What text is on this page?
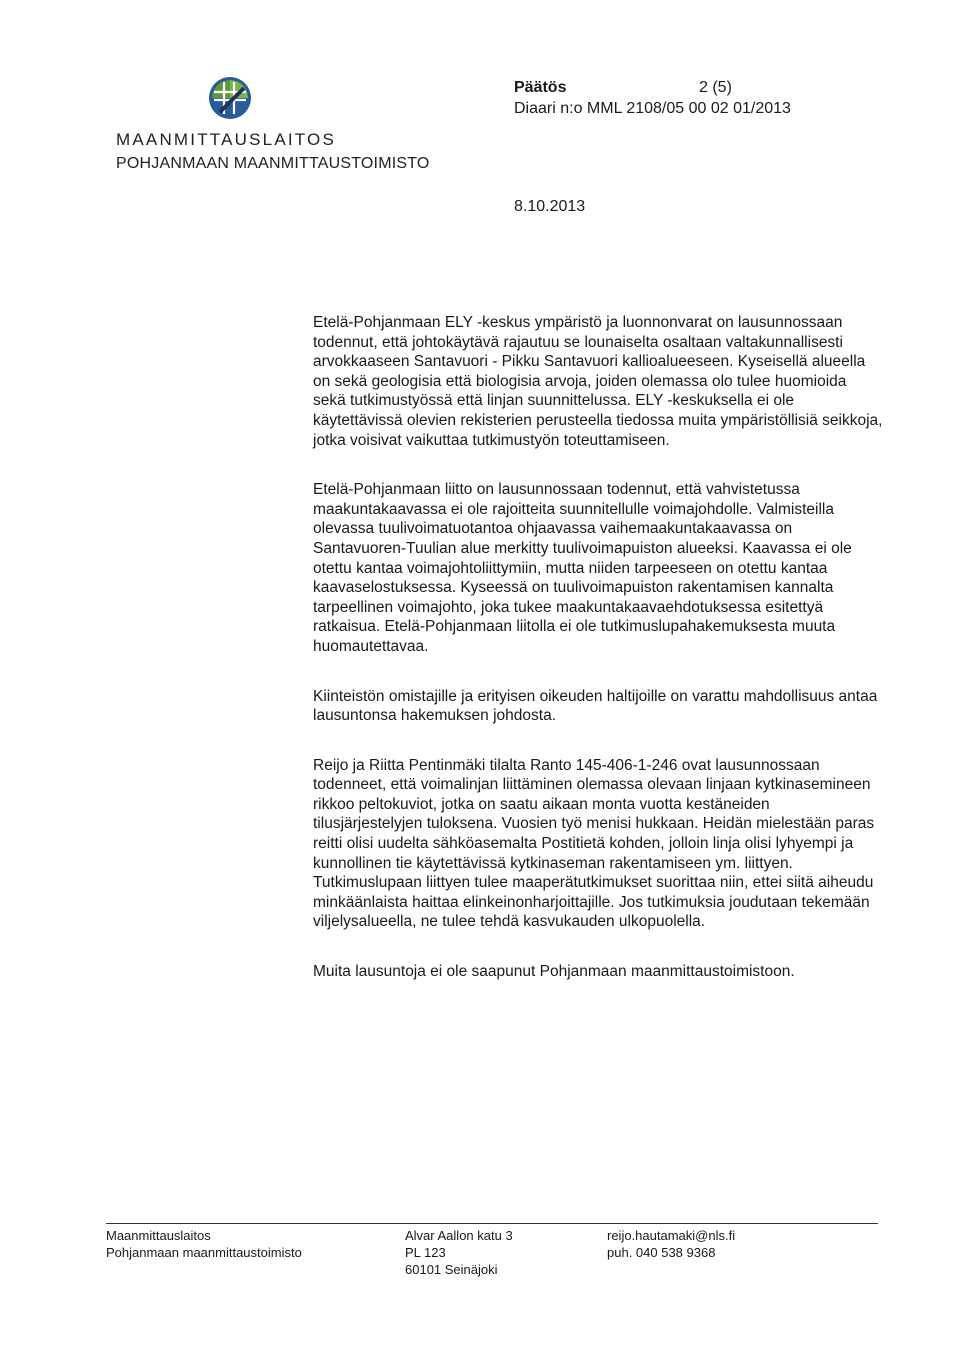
MAANMITTAUSLAITOS
POHJANMAAN MAANMITTAUSTOIMISTO
Päätös	2 (5)
Diaari n:o MML 2108/05 00 02 01/2013
8.10.2013

Etelä-Pohjanmaan ELY -keskus ympäristö ja luonnonvarat on lausunnossaan todennut, että johtokäytävä rajautuu se lounaiselta osaltaan valtakunnallisesti arvokkaaseen Santavuori - Pikku Santavuori kallioalueeseen. Kyseisellä alueella on sekä geologisia että biologisia arvoja, joiden olemassa olo tulee huomioida sekä tutkimustyössä että linjan suunnittelussa. ELY -keskuksella ei ole käytettävissä olevien rekisterien perusteella tiedossa muita ympäristöllisiä seikkoja, jotka voisivat vaikuttaa tutkimustyön toteuttamiseen.

Etelä-Pohjanmaan liitto on lausunnossaan todennut, että vahvistetussa maakuntakaavassa ei ole rajoitteita suunnitellulle voimajohdolle. Valmisteilla olevassa tuulivoimatuotantoa ohjaavassa vaihemaakuntakaavassa on Santavuoren-Tuulian alue merkitty tuulivoimapuiston alueeksi. Kaavassa ei ole otettu kantaa voimajohtoliittymiin, mutta niiden tarpeeseen on otettu kantaa kaavaselostuksessa. Kyseessä on tuulivoimapuiston rakentamisen kannalta tarpeellinen voimajohto, joka tukee maakuntakaavaehdotuksessa esitettyä ratkaisua. Etelä-Pohjanmaan liitolla ei ole tutkimuslupahakemuksesta muuta huomautettavaa.

Kiinteistön omistajille ja erityisen oikeuden haltijoille on varattu mahdollisuus antaa lausuntonsa hakemuksen johdosta.

Reijo ja Riitta Pentinmäki tilalta Ranto 145-406-1-246 ovat lausunnossaan todenneet, että voimalinjan liittäminen olemassa olevaan linjaan kytkinasemineen rikkoo peltokuviot, jotka on saatu aikaan monta vuotta kestäneiden tilusjärjestelyjen tuloksena. Vuosien työ menisi hukkaan. Heidän mielestään paras reitti olisi uudelta sähköasemalta Postitietä kohden, jolloin linja olisi lyhyempi ja kunnollinen tie käytettävissä kytkinaseman rakentamiseen ym. liittyen. Tutkimuslupaan liittyen tulee maaperätutkimukset suorittaa niin, ettei siitä aiheudu minkäänlaista haittaa elinkeinonharjoittajille. Jos tutkimuksia joudutaan tekemään viljelysalueella, ne tulee tehdä kasvukauden ulkopuolella.

Muita lausuntoja ei ole saapunut Pohjanmaan maanmittaustoimistoon.

Maanmittauslaitos
Pohjanmaan maanmittaustoimisto
Alvar Aallon katu 3
PL 123
60101 Seinäjoki
reijo.hautamaki@nls.fi
puh. 040 538 9368
